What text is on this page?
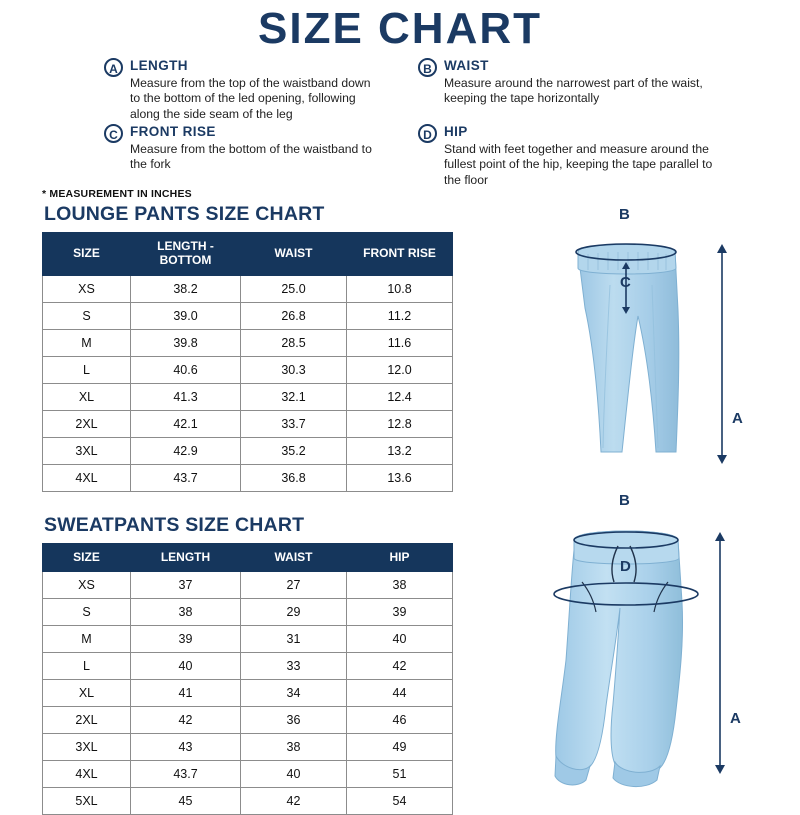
SIZE CHART
A LENGTH
Measure from the top of the waistband down to the bottom of the led opening, following along the side seam of the leg
B WAIST
Measure around the narrowest part of the waist, keeping the tape horizontally
C FRONT RISE
Measure from the bottom of the waistband to the fork
D HIP
Stand with feet together and measure around the fullest point of the hip, keeping the tape parallel to the floor
* MEASUREMENT IN INCHES
LOUNGE PANTS SIZE CHART
SIZE	LENGTH - BOTTOM	WAIST	FRONT RISE
XS	38.2	25.0	10.8
S	39.0	26.8	11.2
M	39.8	28.5	11.6
L	40.6	30.3	12.0
XL	41.3	32.1	12.4
2XL	42.1	33.7	12.8
3XL	42.9	35.2	13.2
4XL	43.7	36.8	13.6
SWEATPANTS SIZE CHART
SIZE	LENGTH	WAIST	HIP
XS	37	27	38
S	38	29	39
M	39	31	40
L	40	33	42
XL	41	34	44
2XL	42	36	46
3XL	43	38	49
4XL	43.7	40	51
5XL	45	42	54
B
C
A
B
D
A
